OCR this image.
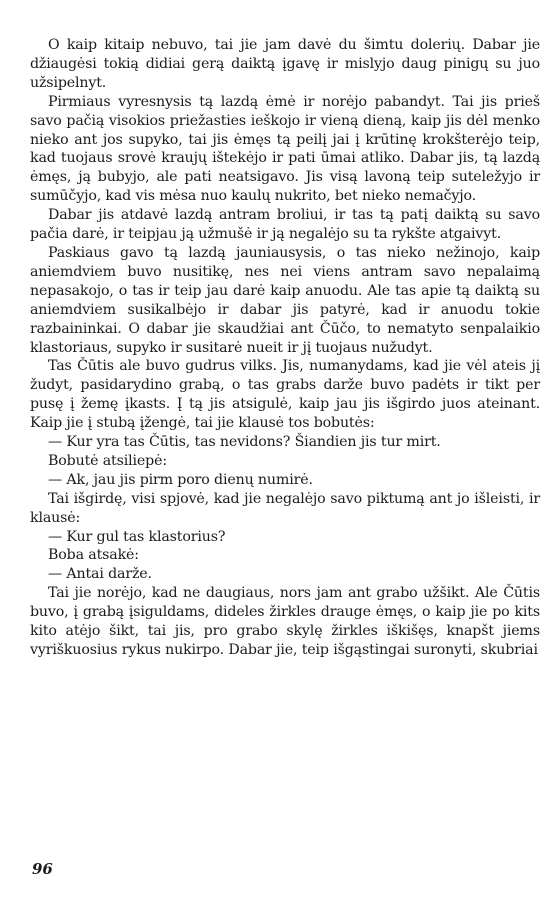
O kaip kitaip nebuvo, tai jie jam davė du šimtu dolerių. Dabar jie džiaugėsi tokią didiai gerą daiktą įgavę ir mislyjo daug pinigų su juo užsipelnyt.

Pirmiaus vyresnysis tą lazdą ėmė ir norėjo pabandyt. Tai jis prieš savo pačią visokios priežasties ieškojo ir vieną dieną, kaip jis dėl menko nieko ant jos supyko, tai jis ėmęs tą peilį jai į krūtinę krokšterėjo teip, kad tuojaus srovė kraujų ištekėjo ir pati ūmai atliko. Dabar jis, tą lazdą ėmęs, ją bubyjo, ale pati neatsigavo. Jis visą lavoną teip suteležyjo ir sumūčyjo, kad vis mėsa nuo kaulų nukrito, bet nieko nemačyjo.

Dabar jis atdavė lazdą antram broliui, ir tas tą patį daiktą su savo pačia darė, ir teipjau ją užmušė ir ją negalėjo su ta rykšte atgaivyt.

Paskiaus gavo tą lazdą jauniausysis, o tas nieko nežinojo, kaip aniemdviem buvo nusitikę, nes nei viens antram savo nepalaimą nepasakojo, o tas ir teip jau darė kaip anuodu. Ale tas apie tą daiktą su aniemdviem susikalbėjo ir dabar jis patyrė, kad ir anuodu tokie razbaininkai. O dabar jie skaudžiai ant Čūčo, to nematyto senpalaikio klastoriaus, supyko ir susitarė nueit ir jį tuojaus nužudyt.

Tas Čūtis ale buvo gudrus vilks. Jis, numanydams, kad jie vėl ateis jį žudyt, pasidarydino grabą, o tas grabs darže buvo padėts ir tikt per pusę į žemę įkasts. Į tą jis atsigulė, kaip jau jis išgirdo juos ateinant. Kaip jie į stubą įžengė, tai jie klausė tos bobutės:

— Kur yra tas Čūtis, tas nevidons? Šiandien jis tur mirt.

Bobutė atsiliepė:

— Ak, jau jis pirm poro dienų numirė.

Tai išgirdę, visi spjovė, kad jie negalėjo savo piktumą ant jo išleisti, ir klausė:

— Kur gul tas klastorius?

Boba atsakė:

— Antai darže.

Tai jie norėjo, kad ne daugiaus, nors jam ant grabo užšikt. Ale Čūtis buvo, į grabą įsiguldams, dideles žirkles drauge ėmęs, o kaip jie po kits kito atėjo šikt, tai jis, pro grabo skylę žirkles iškišęs, knapšt jiems vyriškuosius rykus nukirpo. Dabar jie, teip išgąstingai suronyti, skubriai

96
